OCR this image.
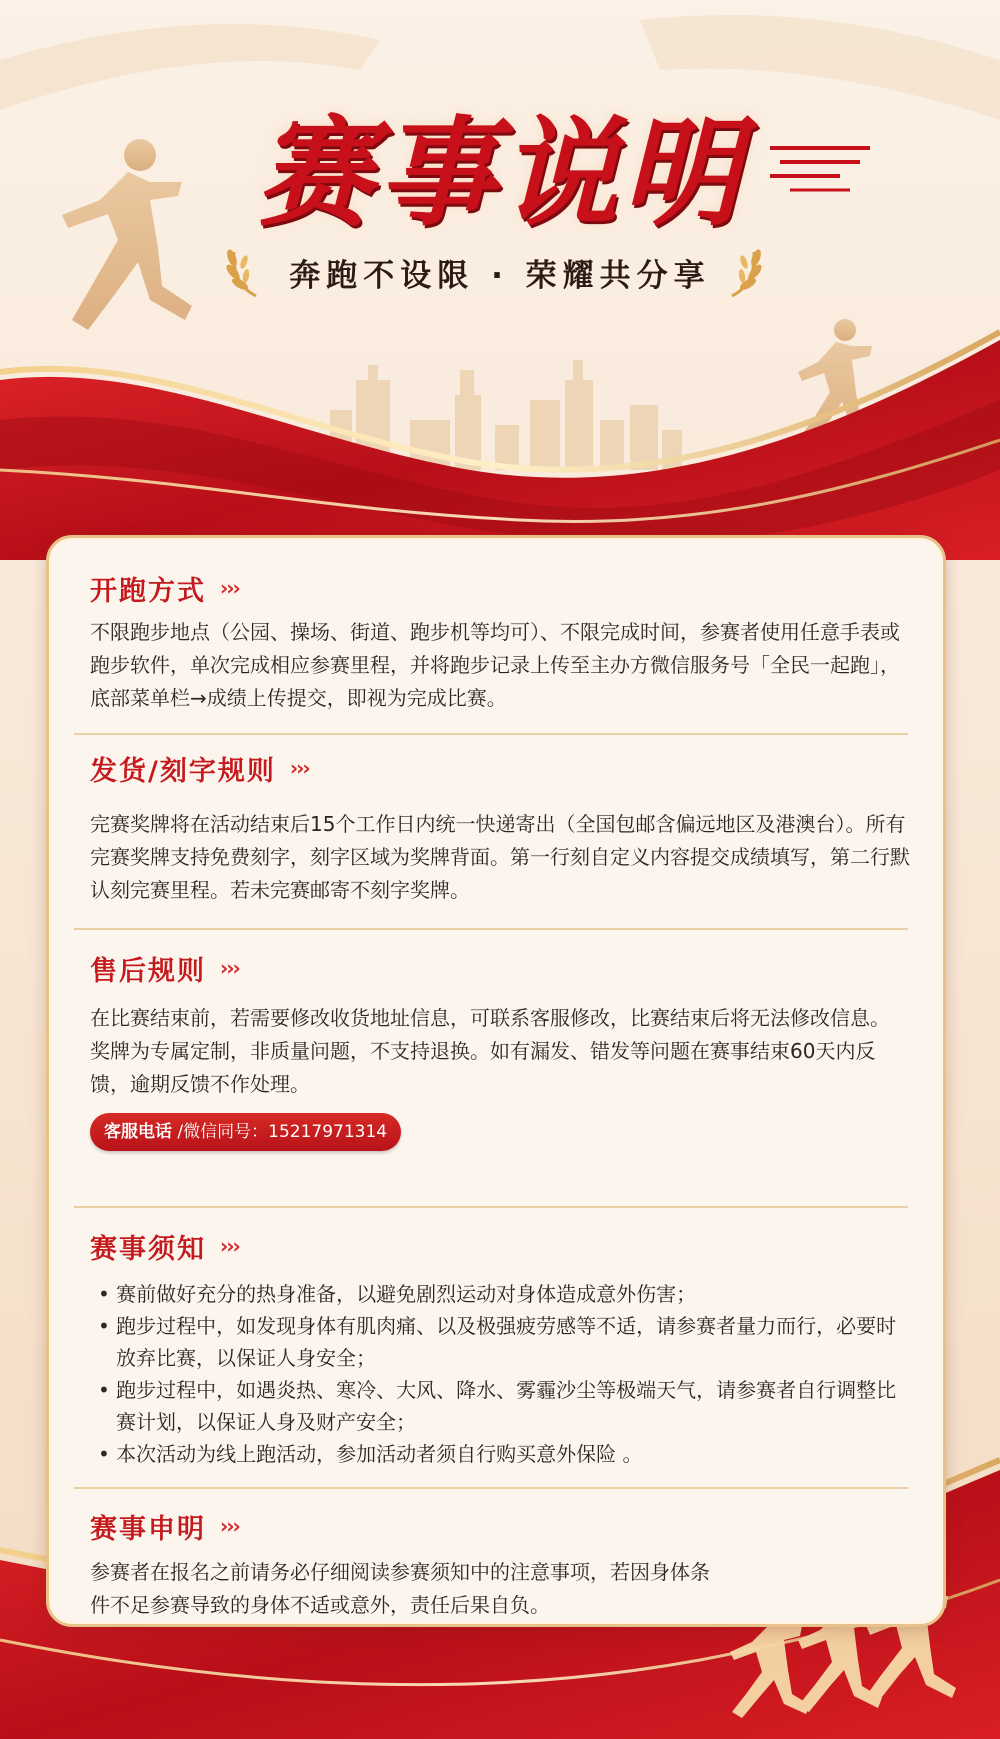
赛事说明
奔跑不设限 · 荣耀共分享
开跑方式 ›››

不限跑步地点（公园、操场、街道、跑步机等均可）、不限完成时间，参赛者使用任意手表或跑步软件，单次完成相应参赛里程，并将跑步记录上传至主办方微信服务号「全民一起跑」，底部菜单栏→成绩上传提交，即视为完成比赛。

发货/刻字规则 ›››

完赛奖牌将在活动结束后15个工作日内统一快递寄出（全国包邮含偏远地区及港澳台）。所有完赛奖牌支持免费刻字，刻字区域为奖牌背面。第一行刻自定义内容提交成绩填写，第二行默认刻完赛里程。若未完赛邮寄不刻字奖牌。

售后规则 ›››

在比赛结束前，若需要修改收货地址信息，可联系客服修改，比赛结束后将无法修改信息。

奖牌为专属定制，非质量问题，不支持退换。如有漏发、错发等问题在赛事结束60天内反馈，逾期反馈不作处理。

客服电话 /微信同号：15217971314
赛事须知 ›››

• 赛前做好充分的热身准备，以避免剧烈运动对身体造成意外伤害；

• 跑步过程中，如发现身体有肌肉痛、以及极强疲劳感等不适，请参赛者量力而行，必要时放弃比赛，以保证人身安全；

• 跑步过程中，如遇炎热、寒冷、大风、降水、雾霾沙尘等极端天气，请参赛者自行调整比赛计划，以保证人身及财产安全；

• 本次活动为线上跑活动，参加活动者须自行购买意外保险 。

赛事申明 ›››

参赛者在报名之前请务必仔细阅读参赛须知中的注意事项，若因身体条件不足参赛导致的身体不适或意外，责任后果自负。
